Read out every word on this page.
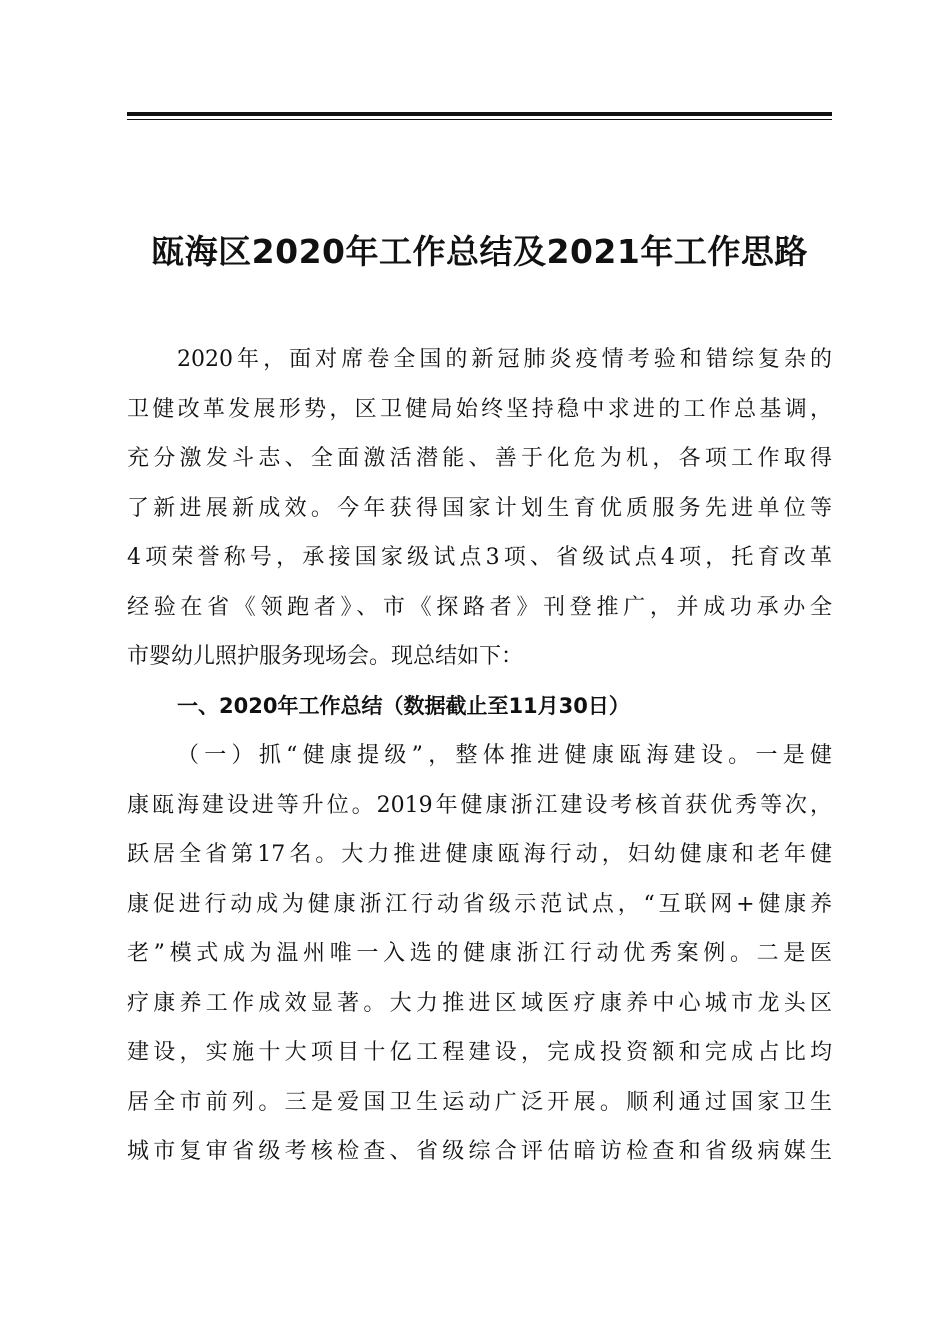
瓯海区2020年工作总结及2021年工作思路
2020年，面对席卷全国的新冠肺炎疫情考验和错综复杂的
卫健改革发展形势，区卫健局始终坚持稳中求进的工作总基调，
充分激发斗志、全面激活潜能、善于化危为机，各项工作取得
了新进展新成效。今年获得国家计划生育优质服务先进单位等
4项荣誉称号，承接国家级试点3项、省级试点4项，托育改革
经验在省《领跑者》、市《探路者》刊登推广，并成功承办全
市婴幼儿照护服务现场会。现总结如下：
一、2020年工作总结（数据截止至11月30日）
（一）抓“健康提级”，整体推进健康瓯海建设。一是健
康瓯海建设进等升位。2019年健康浙江建设考核首获优秀等次，
跃居全省第17名。大力推进健康瓯海行动，妇幼健康和老年健
康促进行动成为健康浙江行动省级示范试点，“互联网+健康养
老”模式成为温州唯一入选的健康浙江行动优秀案例。二是医
疗康养工作成效显著。大力推进区域医疗康养中心城市龙头区
建设，实施十大项目十亿工程建设，完成投资额和完成占比均
居全市前列。三是爱国卫生运动广泛开展。顺利通过国家卫生
城市复审省级考核检查、省级综合评估暗访检查和省级病媒生
